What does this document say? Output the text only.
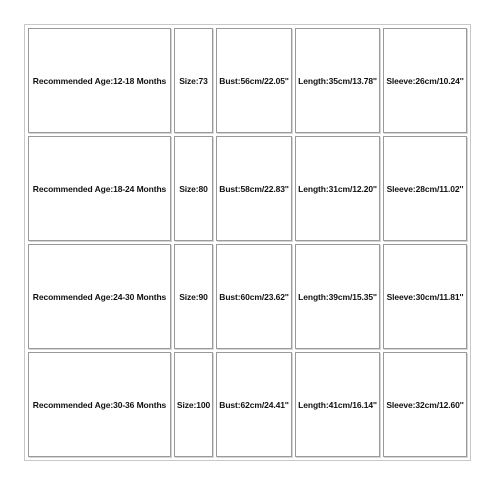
Recommended Age:12-18 Months	Size:73	Bust:56cm/22.05''	Length:35cm/13.78''	Sleeve:26cm/10.24''
Recommended Age:18-24 Months	Size:80	Bust:58cm/22.83''	Length:31cm/12.20''	Sleeve:28cm/11.02''
Recommended Age:24-30 Months	Size:90	Bust:60cm/23.62''	Length:39cm/15.35''	Sleeve:30cm/11.81''
Recommended Age:30-36 Months	Size:100	Bust:62cm/24.41''	Length:41cm/16.14''	Sleeve:32cm/12.60''
